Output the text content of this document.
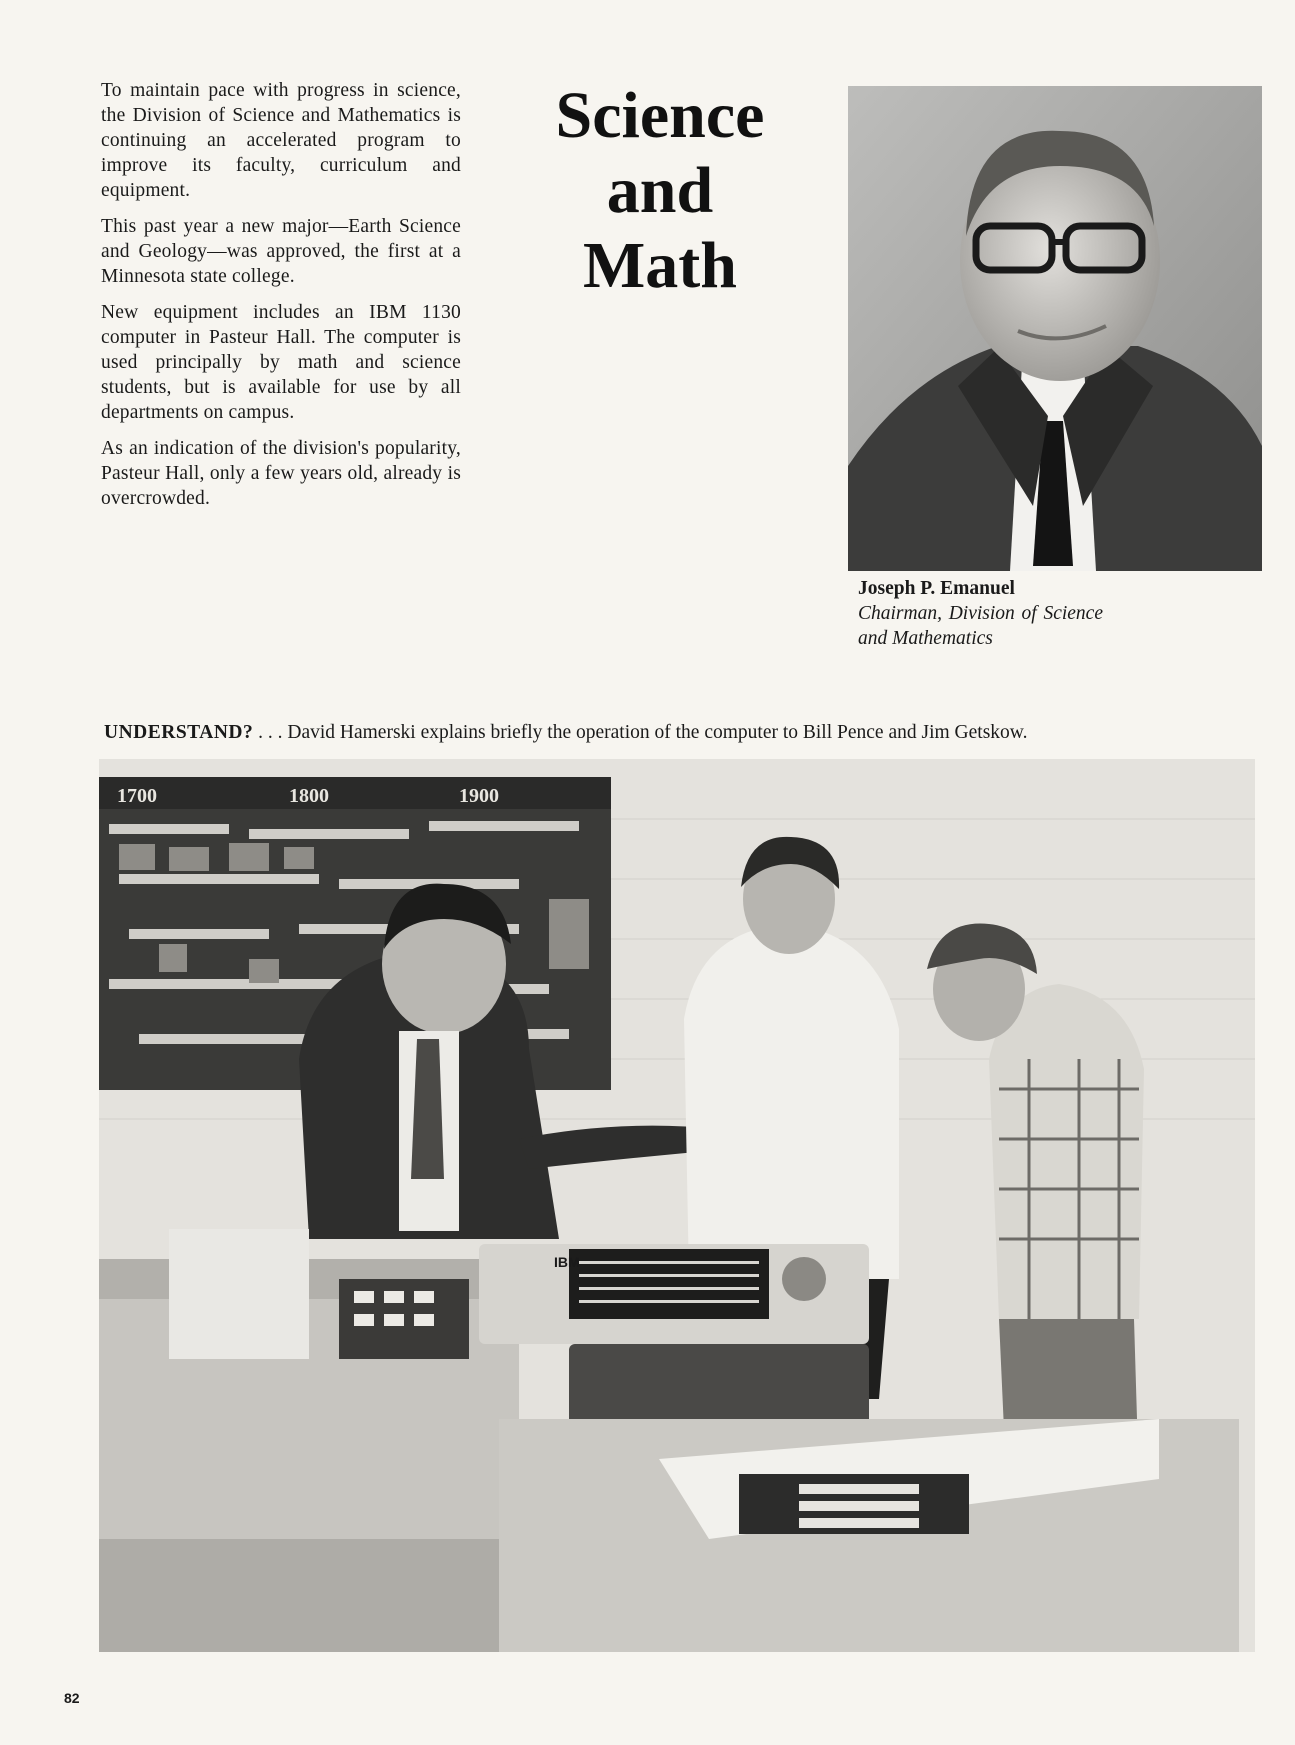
To maintain pace with progress in science, the Division of Science and Mathematics is continuing an accelerated program to improve its faculty, curriculum and equipment.

This past year a new major—Earth Science and Geology—was approved, the first at a Minnesota state college.

New equipment includes an IBM 1130 computer in Pasteur Hall. The computer is used principally by math and science students, but is available for use by all departments on campus.

As an indication of the division's popularity, Pasteur Hall, only a few years old, already is overcrowded.

Science
and
Math
Joseph P. Emanuel
Chairman, Division of Science and Mathematics
UNDERSTAND? . . . David Hamerski explains briefly the operation of the computer to Bill Pence and Jim Getskow.
1700	1800	1900
IBM
82
